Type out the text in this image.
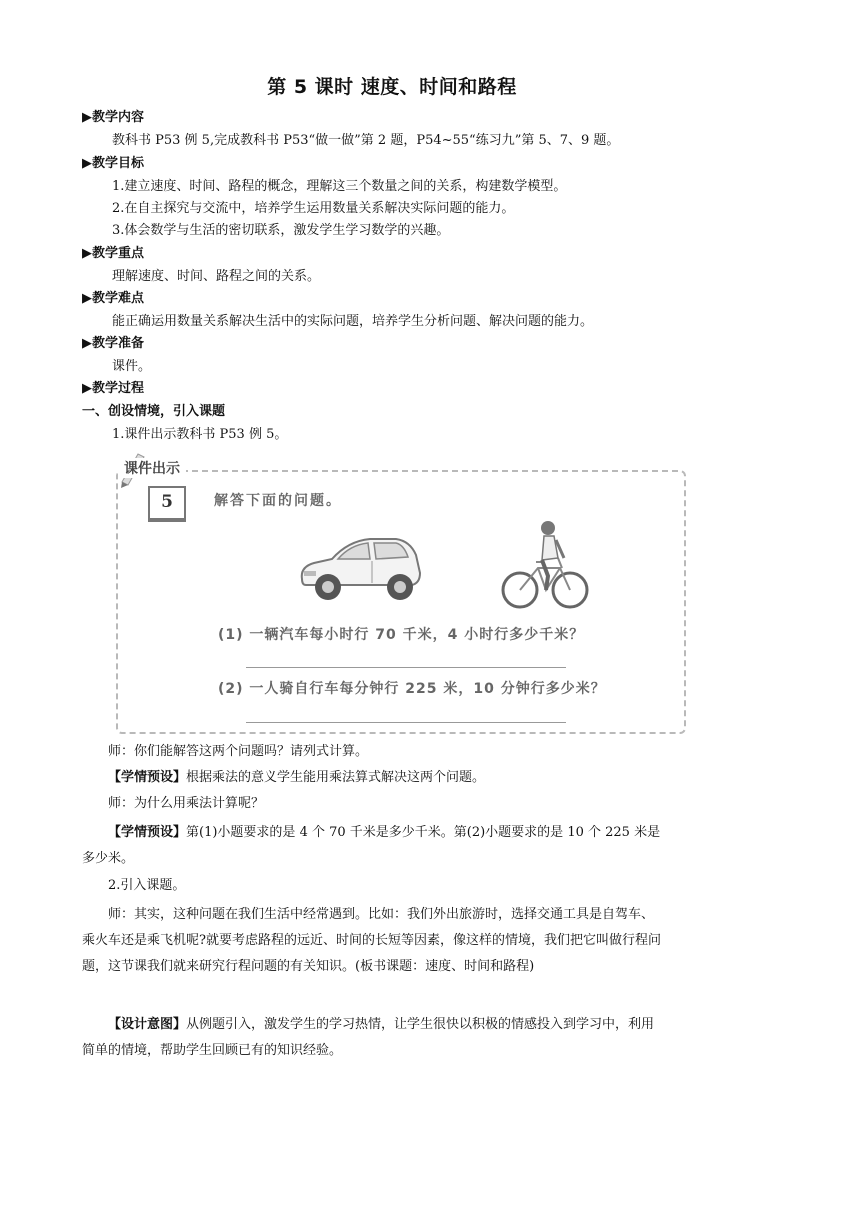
第 5 课时 速度、时间和路程
▶教学内容
教科书 P53 例 5,完成教科书 P53“做一做”第 2 题，P54~55“练习九”第 5、7、9 题。
▶教学目标
1.建立速度、时间、路程的概念，理解这三个数量之间的关系，构建数学模型。
2.在自主探究与交流中，培养学生运用数量关系解决实际问题的能力。
3.体会数学与生活的密切联系，激发学生学习数学的兴趣。
▶教学重点
理解速度、时间、路程之间的关系。
▶教学难点
能正确运用数量关系解决生活中的实际问题，培养学生分析问题、解决问题的能力。
▶教学准备
课件。
▶教学过程
一、创设情境，引入课题
1.课件出示教科书 P53 例 5。
课件出示
5	解答下面的问题。
(1) 一辆汽车每小时行 70 千米，4 小时行多少千米？
(2) 一人骑自行车每分钟行 225 米，10 分钟行多少米？
师：你们能解答这两个问题吗？请列式计算。
【学情预设】根据乘法的意义学生能用乘法算式解决这两个问题。
师：为什么用乘法计算呢？
【学情预设】第(1)小题要求的是 4 个 70 千米是多少千米。第(2)小题要求的是 10 个 225 米是多少米。
2.引入课题。
师：其实，这种问题在我们生活中经常遇到。比如：我们外出旅游时，选择交通工具是自驾车、乘火车还是乘飞机呢?就要考虑路程的远近、时间的长短等因素，像这样的情境，我们把它叫做行程问题，这节课我们就来研究行程问题的有关知识。(板书课题：速度、时间和路程)
【设计意图】从例题引入，激发学生的学习热情，让学生很快以积极的情感投入到学习中，利用简单的情境，帮助学生回顾已有的知识经验。
